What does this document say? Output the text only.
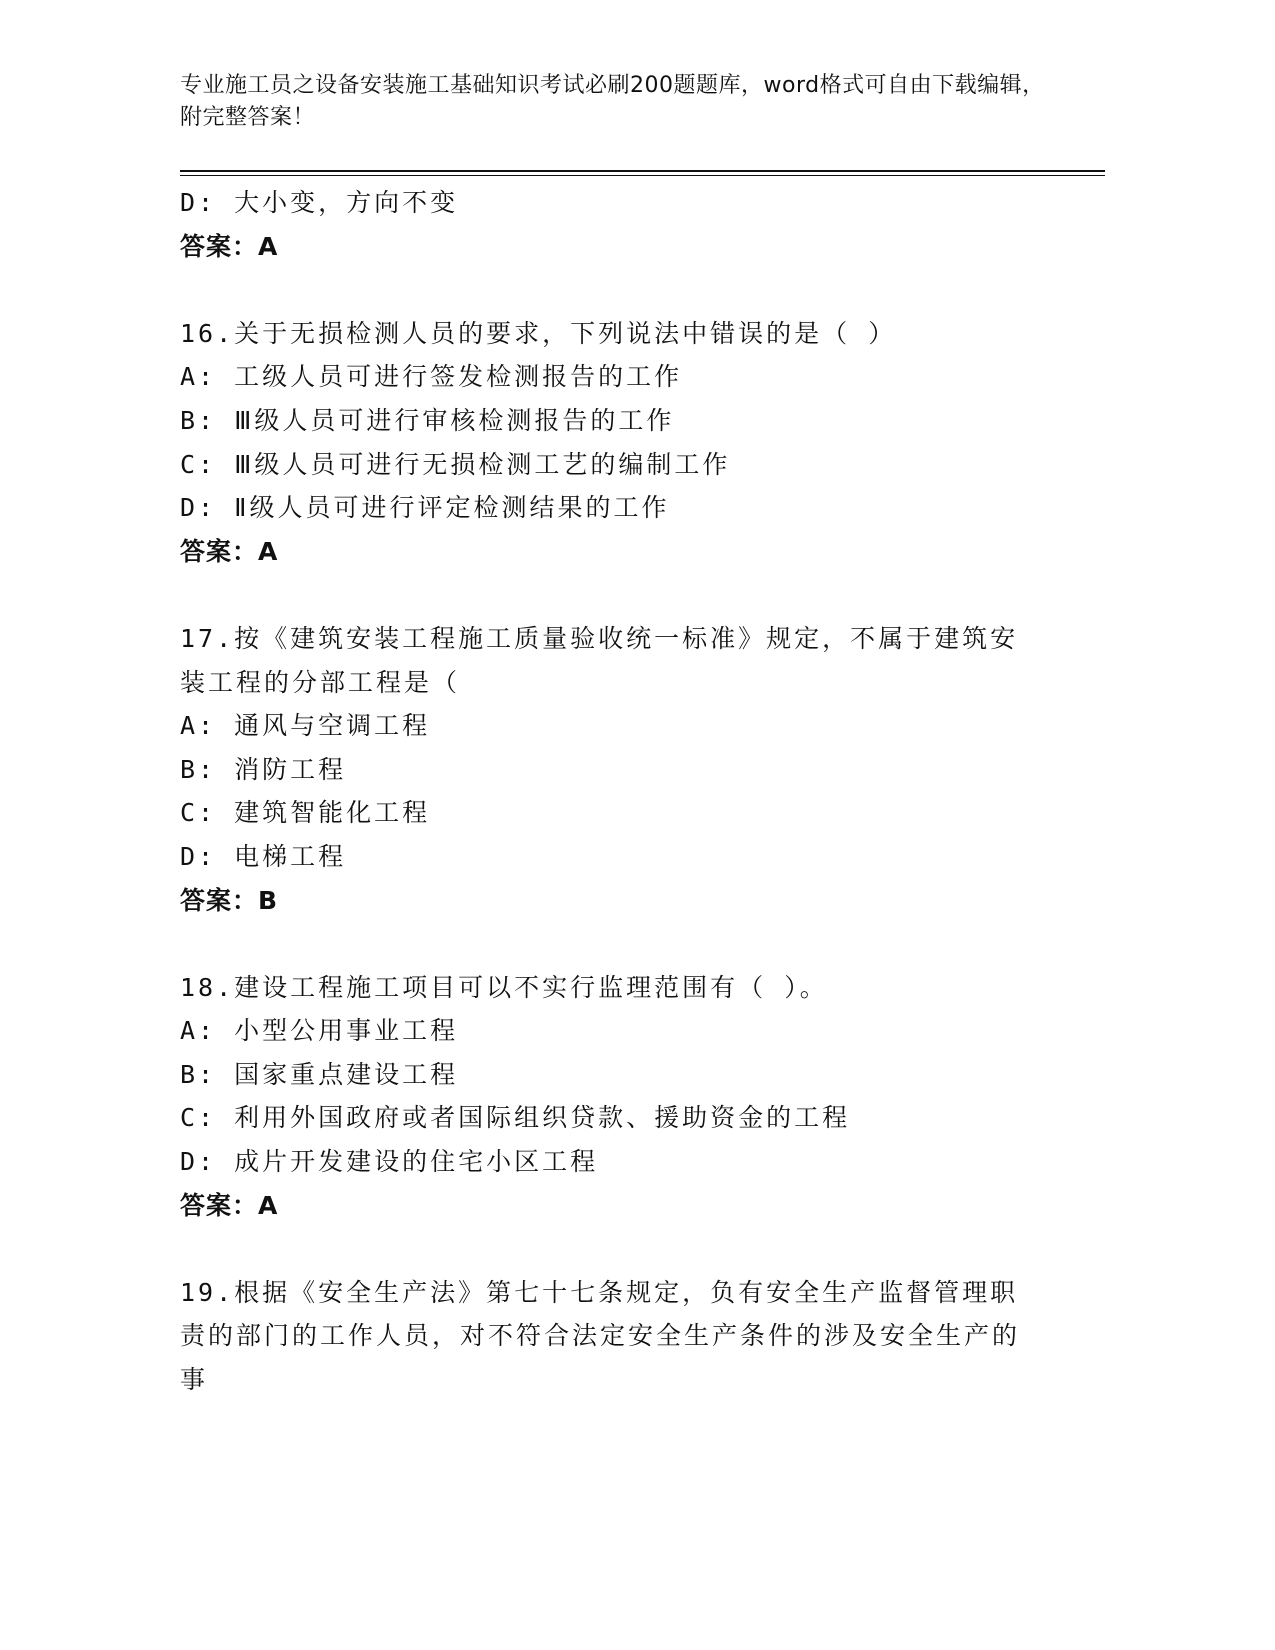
专业施工员之设备安装施工基础知识考试必刷200题题库，word格式可自由下载编辑，附完整答案！
D: 大小变，方向不变
答案：A
16.关于无损检测人员的要求，下列说法中错误的是（ ）
A: 工级人员可进行签发检测报告的工作
B: Ⅲ级人员可进行审核检测报告的工作
C: Ⅲ级人员可进行无损检测工艺的编制工作
D: Ⅱ级人员可进行评定检测结果的工作
答案：A
17.按《建筑安装工程施工质量验收统一标准》规定，不属于建筑安装工程的分部工程是（
A: 通风与空调工程
B: 消防工程
C: 建筑智能化工程
D: 电梯工程
答案：B
18.建设工程施工项目可以不实行监理范围有（ ）。
A: 小型公用事业工程
B: 国家重点建设工程
C: 利用外国政府或者国际组织贷款、援助资金的工程
D: 成片开发建设的住宅小区工程
答案：A
19.根据《安全生产法》第七十七条规定，负有安全生产监督管理职责的部门的工作人员，对不符合法定安全生产条件的涉及安全生产的事
